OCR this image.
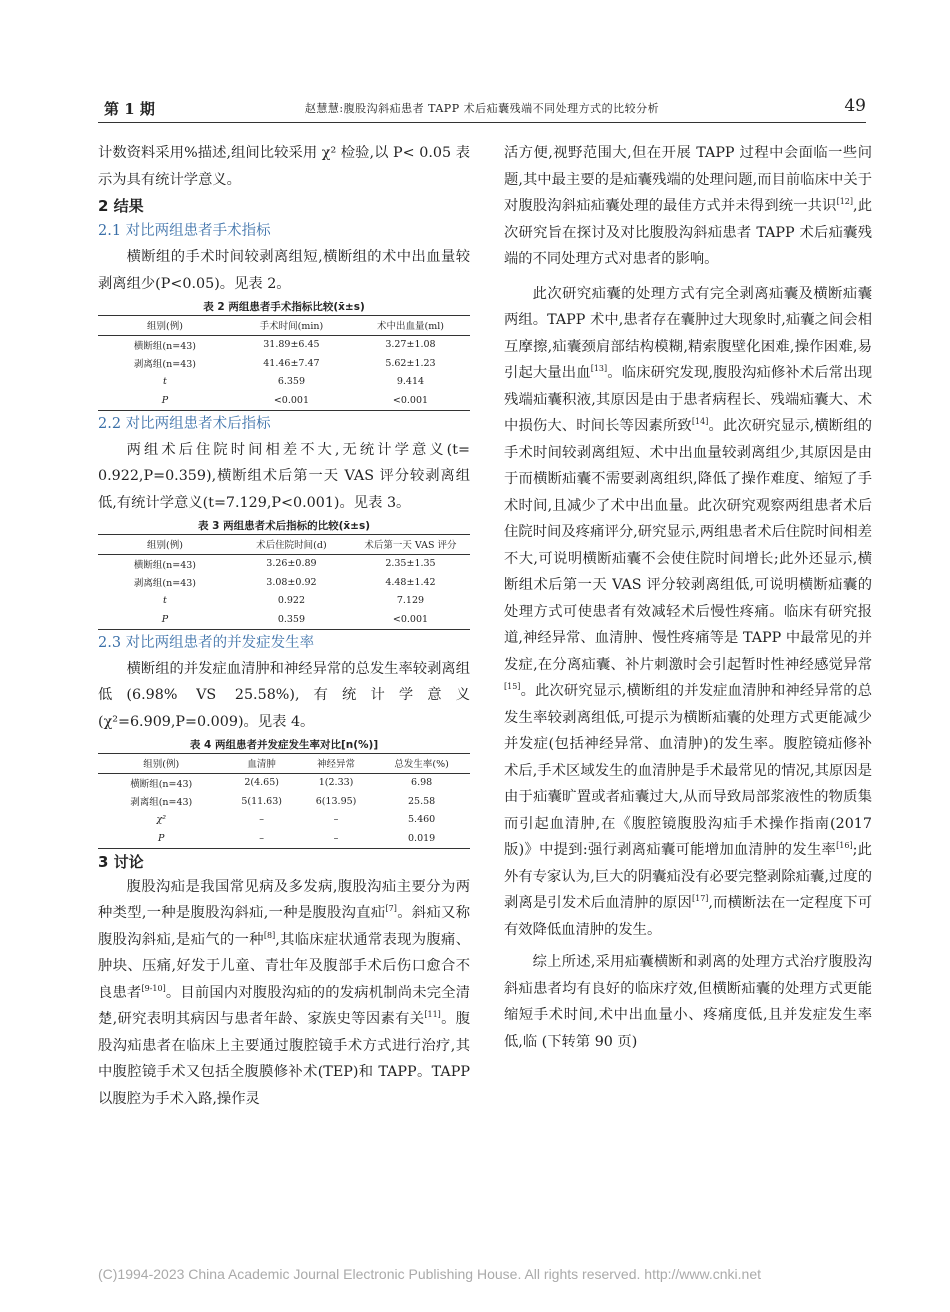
第 1 期	赵慧慧:腹股沟斜疝患者 TAPP 术后疝囊残端不同处理方式的比较分析	49

计数资料采用%描述,组间比较采用 χ² 检验,以 P< 0.05 表示为具有统计学意义。

2 结果
2.1 对比两组患者手术指标

横断组的手术时间较剥离组短,横断组的术中出血量较剥离组少(P<0.05)。见表 2。

表 2 两组患者手术指标比较(x̄±s)
组别(例)	手术时间(min)	术中出血量(ml)
横断组(n=43)	31.89±6.45	3.27±1.08
剥离组(n=43)	41.46±7.47	5.62±1.23
t	6.359	9.414
P	<0.001	<0.001
2.2 对比两组患者术后指标

两组术后住院时间相差不大,无统计学意义(t= 0.922,P=0.359),横断组术后第一天 VAS 评分较剥离组低,有统计学意义(t=7.129,P<0.001)。见表 3。

表 3 两组患者术后指标的比较(x̄±s)
组别(例)	术后住院时间(d)	术后第一天 VAS 评分
横断组(n=43)	3.26±0.89	2.35±1.35
剥离组(n=43)	3.08±0.92	4.48±1.42
t	0.922	7.129
P	0.359	<0.001
2.3 对比两组患者的并发症发生率

横断组的并发症血清肿和神经异常的总发生率较剥离组低(6.98% VS 25.58%),有统计学意义(χ²=6.909,P=0.009)。见表 4。

表 4 两组患者并发症发生率对比[n(%)]
组别(例)	血清肿	神经异常	总发生率(%)
横断组(n=43)	2(4.65)	1(2.33)	6.98
剥离组(n=43)	5(11.63)	6(13.95)	25.58
χ²	–	–	5.460
P	–	–	0.019
3 讨论

腹股沟疝是我国常见病及多发病,腹股沟疝主要分为两种类型,一种是腹股沟斜疝,一种是腹股沟直疝[7]。斜疝又称腹股沟斜疝,是疝气的一种[8],其临床症状通常表现为腹痛、肿块、压痛,好发于儿童、青壮年及腹部手术后伤口愈合不良患者[9-10]。目前国内对腹股沟疝的的发病机制尚未完全清楚,研究表明其病因与患者年龄、家族史等因素有关[11]。腹股沟疝患者在临床上主要通过腹腔镜手术方式进行治疗,其中腹腔镜手术又包括全腹膜修补术(TEP)和 TAPP。TAPP 以腹腔为手术入路,操作灵

活方便,视野范围大,但在开展 TAPP 过程中会面临一些问题,其中最主要的是疝囊残端的处理问题,而目前临床中关于对腹股沟斜疝疝囊处理的最佳方式并未得到统一共识[12],此次研究旨在探讨及对比腹股沟斜疝患者 TAPP 术后疝囊残端的不同处理方式对患者的影响。

此次研究疝囊的处理方式有完全剥离疝囊及横断疝囊两组。TAPP 术中,患者存在囊肿过大现象时,疝囊之间会相互摩擦,疝囊颈肩部结构模糊,精索腹壁化困难,操作困难,易引起大量出血[13]。临床研究发现,腹股沟疝修补术后常出现残端疝囊积液,其原因是由于患者病程长、残端疝囊大、术中损伤大、时间长等因素所致[14]。此次研究显示,横断组的手术时间较剥离组短、术中出血量较剥离组少,其原因是由于而横断疝囊不需要剥离组织,降低了操作难度、缩短了手术时间,且减少了术中出血量。此次研究观察两组患者术后住院时间及疼痛评分,研究显示,两组患者术后住院时间相差不大,可说明横断疝囊不会使住院时间增长;此外还显示,横断组术后第一天 VAS 评分较剥离组低,可说明横断疝囊的处理方式可使患者有效减轻术后慢性疼痛。临床有研究报道,神经异常、血清肿、慢性疼痛等是 TAPP 中最常见的并发症,在分离疝囊、补片刺激时会引起暂时性神经感觉异常[15]。此次研究显示,横断组的并发症血清肿和神经异常的总发生率较剥离组低,可提示为横断疝囊的处理方式更能减少并发症(包括神经异常、血清肿)的发生率。腹腔镜疝修补术后,手术区域发生的血清肿是手术最常见的情况,其原因是由于疝囊旷置或者疝囊过大,从而导致局部浆液性的物质集而引起血清肿,在《腹腔镜腹股沟疝手术操作指南(2017 版)》中提到:强行剥离疝囊可能增加血清肿的发生率[16];此外有专家认为,巨大的阴囊疝没有必要完整剥除疝囊,过度的剥离是引发术后血清肿的原因[17],而横断法在一定程度下可有效降低血清肿的发生。

综上所述,采用疝囊横断和剥离的处理方式治疗腹股沟斜疝患者均有良好的临床疗效,但横断疝囊的处理方式更能缩短手术时间,术中出血量小、疼痛度低,且并发症发生率低,临 (下转第 90 页)

(C)1994-2023 China Academic Journal Electronic Publishing House. All rights reserved. http://www.cnki.net
